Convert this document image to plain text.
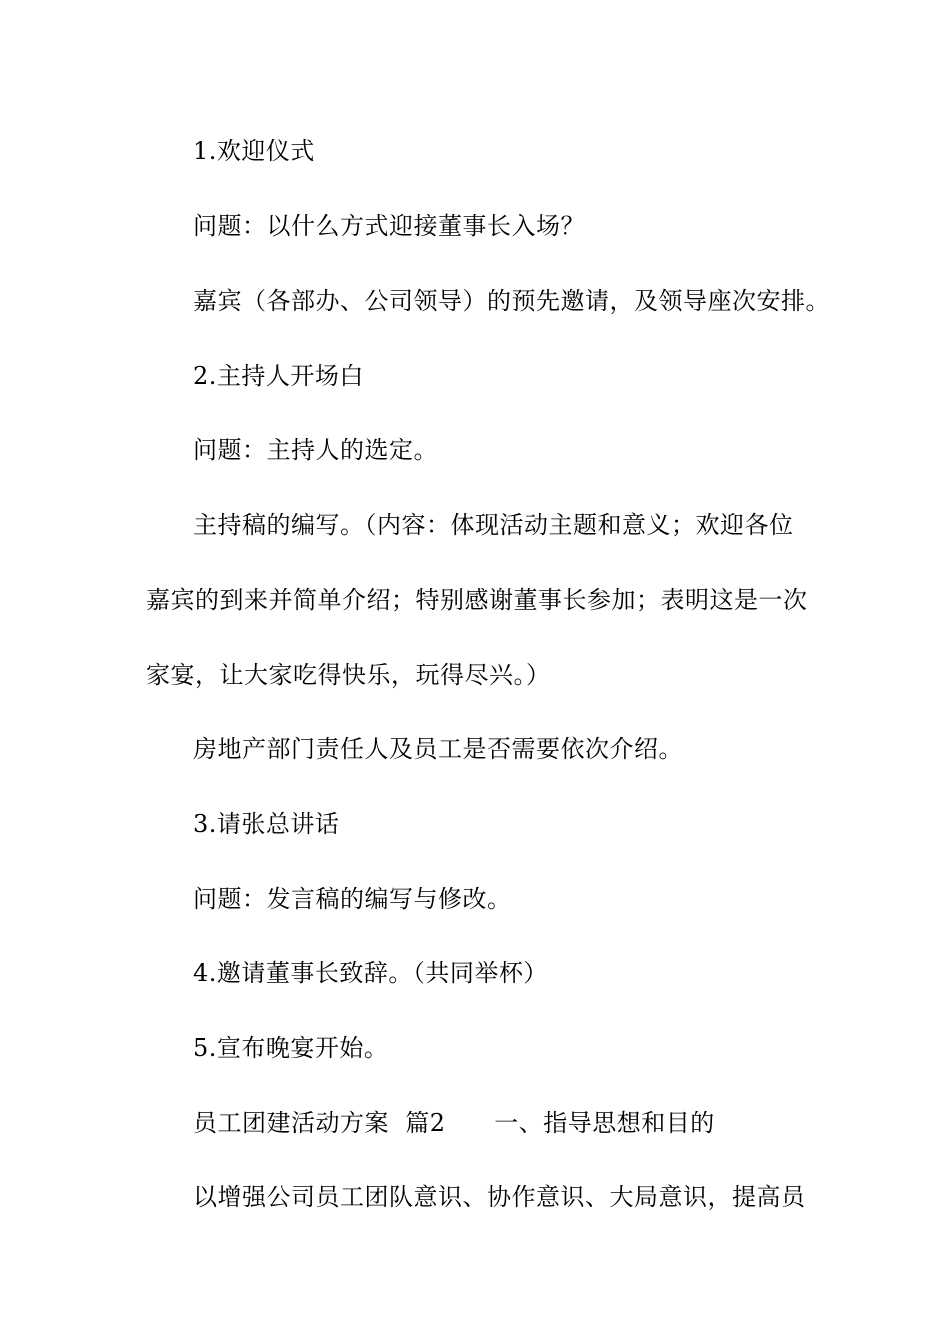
1.欢迎仪式
问题：以什么方式迎接董事长入场？
嘉宾（各部办、公司领导）的预先邀请，及领导座次安排。
2.主持人开场白
问题：主持人的选定。
主持稿的编写。（内容：体现活动主题和意义；欢迎各位
嘉宾的到来并简单介绍；特别感谢董事长参加；表明这是一次
家宴，让大家吃得快乐，玩得尽兴。）
房地产部门责任人及员工是否需要依次介绍。
3.请张总讲话
问题：发言稿的编写与修改。
4.邀请董事长致辞。（共同举杯）
5.宣布晚宴开始。
员工团建活动方案  篇2      一、指导思想和目的
以增强公司员工团队意识、协作意识、大局意识，提高员
